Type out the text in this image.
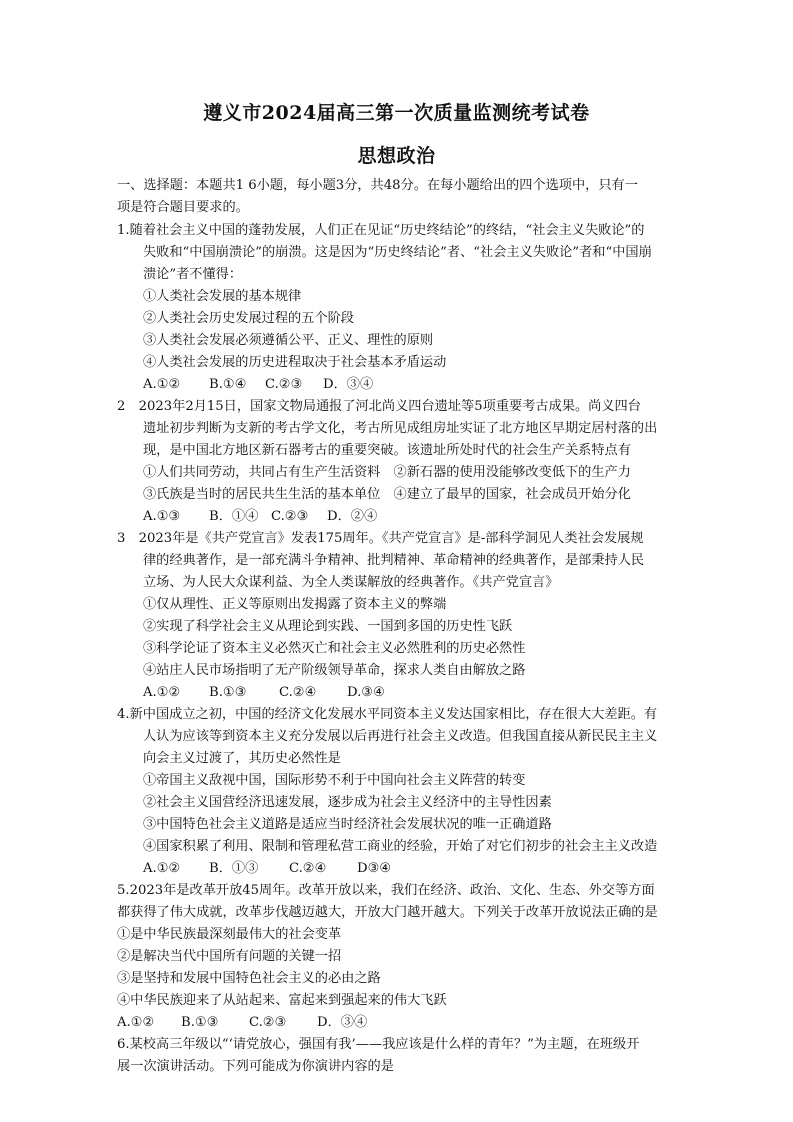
遵义市2024届高三第一次质量监测统考试卷
思想政治
一、选择题：本题共1 6小题，每小题3分，共48分。在每小题给出的四个选项中，只有一
项是符合题目要求的。
1.随着社会主义中国的蓬勃发展，人们正在见证“历史终结论”的终结，“社会主义失败论”的
失败和“中国崩溃论”的崩溃。这是因为“历史终结论”者、“社会主义失败论”者和“中国崩
溃论”者不懂得：
①人类社会发展的基本规律
②人类社会历史发展过程的五个阶段
③人类社会发展必须遵循公平、正义、理性的原则
④人类社会发展的历史进程取决于社会基本矛盾运动
A.①② B.①④ C.②③ D．③④
2　2023年2月15日，国家文物局通报了河北尚义四台遗址等5项重要考古成果。尚义四台
遗址初步判断为支新的考古学文化，考古所见成组房址实证了北方地区早期定居村落的出
现，是中国北方地区新石器考古的重要突破。该遗址所处时代的社会生产关系特点有
①人们共同劳动，共同占有生产生活资料　②新石器的使用没能够改变低下的生产力
③氏族是当时的居民共生生活的基本单位　④建立了最早的国家，社会成员开始分化
A.①③ B．①④ C.②③ D．②④
3　2023年是《共产党宣言》发表175周年。《共产党宣言》是-部科学洞见人类社会发展规
律的经典著作，是一部充满斗争精神、批判精神、革命精神的经典著作，是部秉持人民
立场、为人民大众谋利益、为全人类谋解放的经典著作。《共产党宣言》
①仅从理性、正义等原则出发揭露了资本主义的弊端
②实现了科学社会主义从理论到实践、一国到多国的历史性飞跃
③科学论证了资本主义必然灭亡和社会主义必然胜利的历史必然性
④站庄人民市场指明了无产阶级领导革命，探求人类自由解放之路
A.①② B.①③ C.②④ D.③④
4.新中国成立之初，中国的经济文化发展水平同资本主义发达国家相比，存在很大大差距。有
人认为应该等到资本主义充分发展以后再进行社会主义改造。但我国直接从新民民主主义
向会主义过渡了，其历史必然性是
①帝国主义敌视中国，国际形势不利于中国向社会主义阵营的转变
②社会主义国营经济迅速发展，逐步成为社会主义经济中的主导性因素
③中国特色社会主义道路是适应当时经济社会发展状况的唯一正确道路
④国家积累了利用、限制和管理私营工商业的经验，开始了对它们初步的社会主主义改造
A.①② B．①③ C.②④ D③④
5.2023年是改革开放45周年。改革开放以来，我们在经济、政治、文化、生态、外交等方面
都获得了伟大成就，改革步伐越迈越大，开放大门越开越大。下列关于改革开放说法正确的是
①是中华民族最深刻最伟大的社会变革
②是解决当代中国所有问题的关键一招
③是坚持和发展中国特色社会主义的必由之路
④中华民族迎来了从站起来、富起来到强起来的伟大飞跃
A.①② B.①③ C.②③ D．③④
6.某校高三年级以“‘请党放心，强国有我’——我应该是什么样的青年？”为主题，在班级开
展一次演讲活动。下列可能成为你演讲内容的是
